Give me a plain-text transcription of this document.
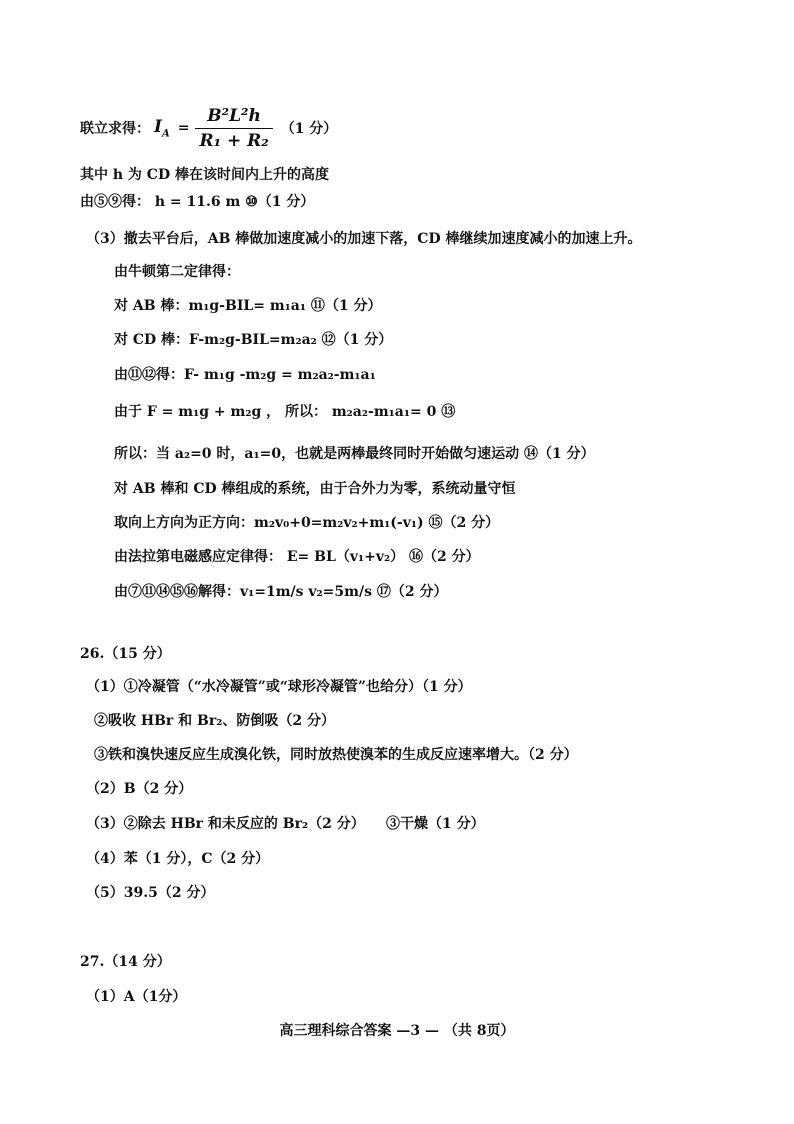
联立求得： $I_A = \frac{\text{B²L²h}}{\text{R₁ + R₂}} (1$ 分）
其中 h 为 CD 棒在该时间内上升的高度
由⑤⑨得： h = 11.6 m ⑩（1 分）
（3）撤去平台后，AB 棒做加速度减小的加速下落，CD 棒继续加速度减小的加速上升。
由牛顿第二定律得：
对 AB 棒：m₁g-BIL= m₁a₁ ⑪（1 分）
对 CD 棒：F-m₂g-BIL=m₂a₂ ⑫（1 分）
由⑪⑫得：F- m₁g -m₂g = m₂a₂-m₁a₁
由于 F = m₁g + m₂g ， 所以： m₂a₂-m₁a₁= 0 ⑬
所以：当 a₂=0 时，a₁=0，也就是两棒最终同时开始做匀速运动 ⑭（1 分）
对 AB 棒和 CD 棒组成的系统，由于合外力为零，系统动量守恒
取向上方向为正方向：m₂v₀+0=m₂v₂+m₁(-v₁) ⑮（2 分）
由法拉第电磁感应定律得： E= BL（v₁+v₂） ⑯（2 分）
由⑦⑪⑭⑮⑯解得：v₁=1m/s v₂=5m/s ⑰（2 分）
26.（15 分）
（1）①冷凝管（“水冷凝管”或“球形冷凝管”也给分）（1 分）
②吸收 HBr 和 Br₂、防倒吸（2 分）
③铁和溴快速反应生成溴化铁，同时放热使溴苯的生成反应速率增大。（2 分）
（2）B（2 分）
（3）②除去 HBr 和未反应的 Br₂（2 分） ③干燥（1 分）
（4）苯（1 分），C（2 分）
（5）39.5（2 分）
27.（14 分）
（1）A（1分）
高三理科综合答案 —3 — （共 8页）
